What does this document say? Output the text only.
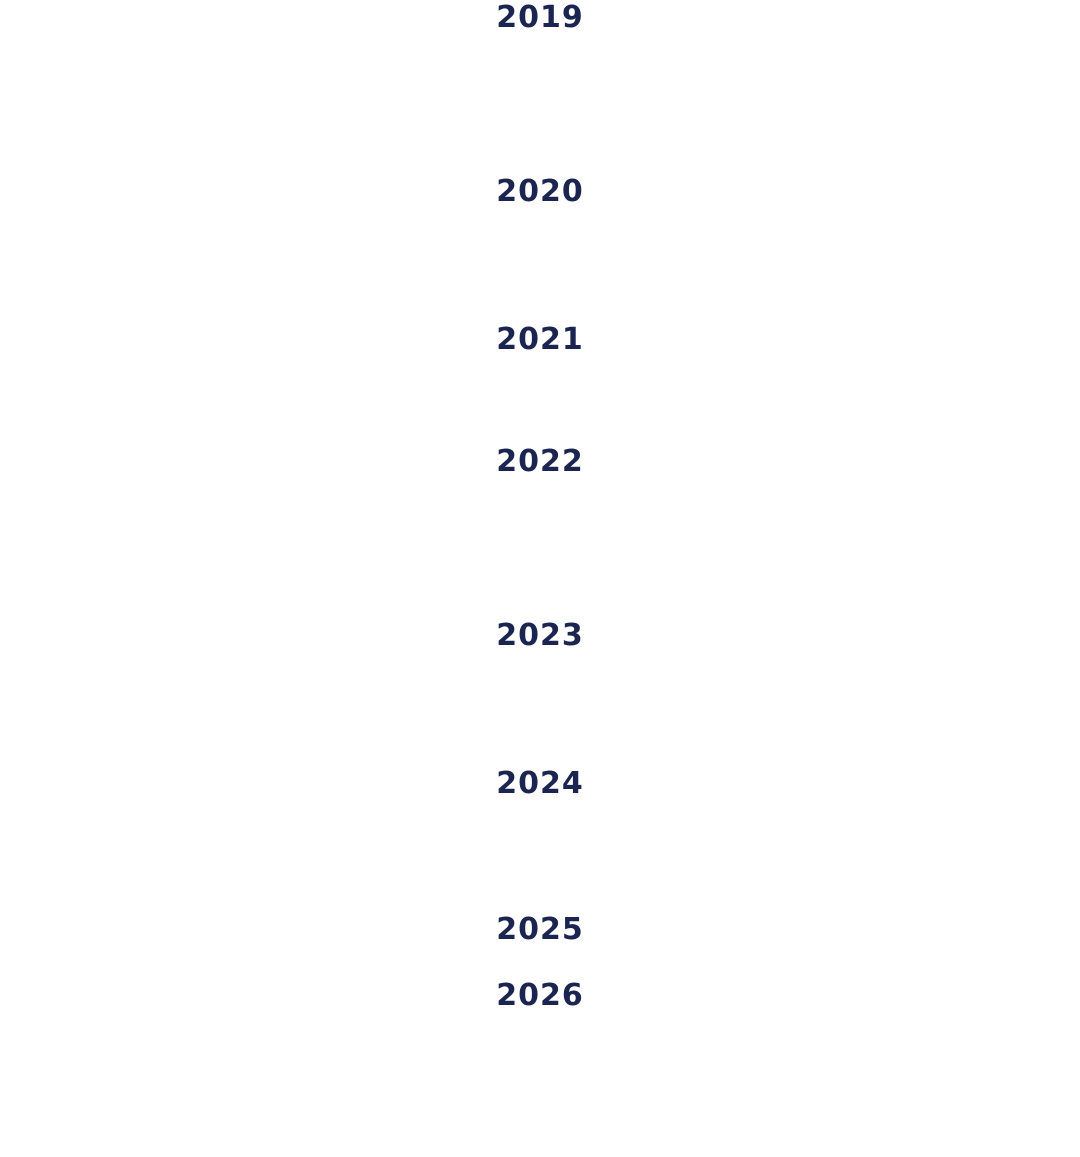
2019
2020
2021
2022
2023
2024
2025
2026
